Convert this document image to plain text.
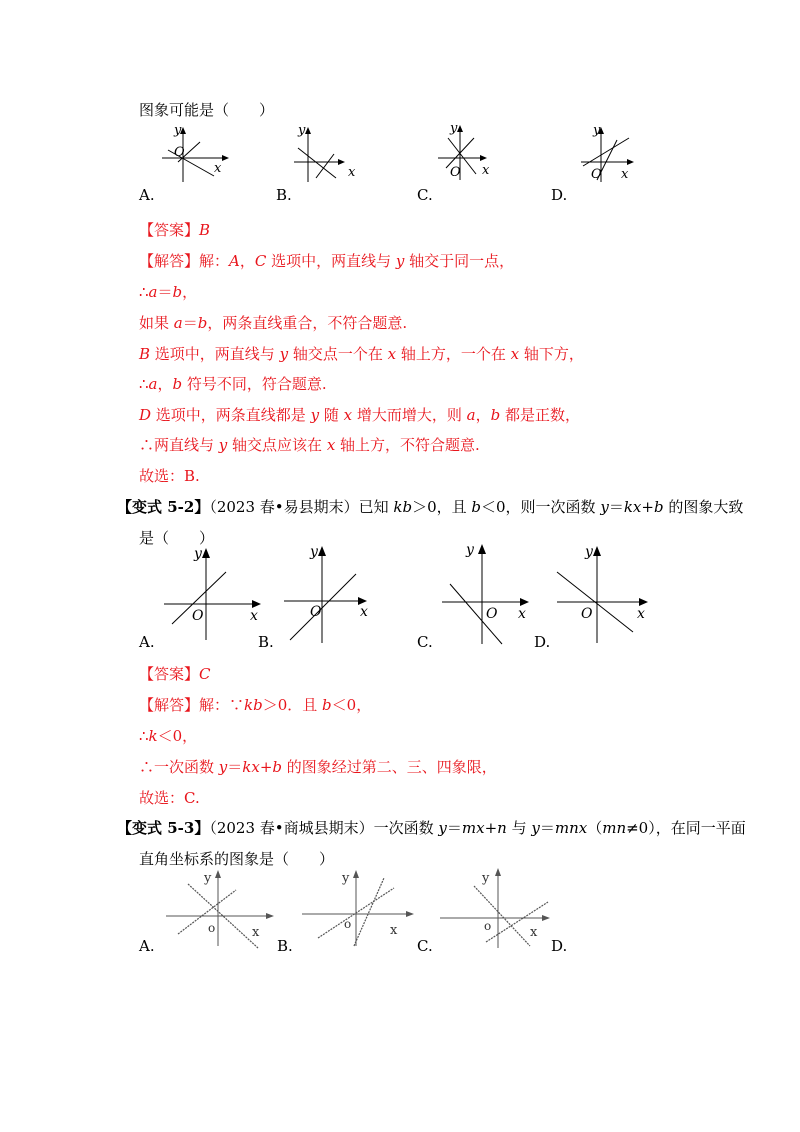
图象可能是（　　）
y
O
x
A.
y
x
B.
y
O x
C.
y
O x
D.
【答案】B
【解答】解：A，C 选项中，两直线与 y 轴交于同一点，
∴a＝b，
如果 a＝b，两条直线重合，不符合题意.
B 选项中，两直线与 y 轴交点一个在 x 轴上方，一个在 x 轴下方，
∴a，b 符号不同，符合题意.
D 选项中，两条直线都是 y 随 x 增大而增大，则 a，b 都是正数，
∴两直线与 y 轴交点应该在 x 轴上方，不符合题意.
故选：B.
【变式 5-2】（2023 春•易县期末）已知 kb＞0，且 b＜0，则一次函数 y＝kx+b 的图象大致
是（　　）
y
O	x
A.
y
O	x
B.
y
O x
C.
y
O	x
D.
【答案】C
【解答】解：∵kb＞0．且 b＜0，
∴k＜0，
∴一次函数 y＝kx+b 的图象经过第二、三、四象限，
故选：C.
【变式 5-3】（2023 春•商城县期末）一次函数 y＝mx+n 与 y＝mnx（mn≠0），在同一平面
直角坐标系的图象是（　　）
y
o	x
A.
y
o	x
B.
y
o	x
C.	D.
